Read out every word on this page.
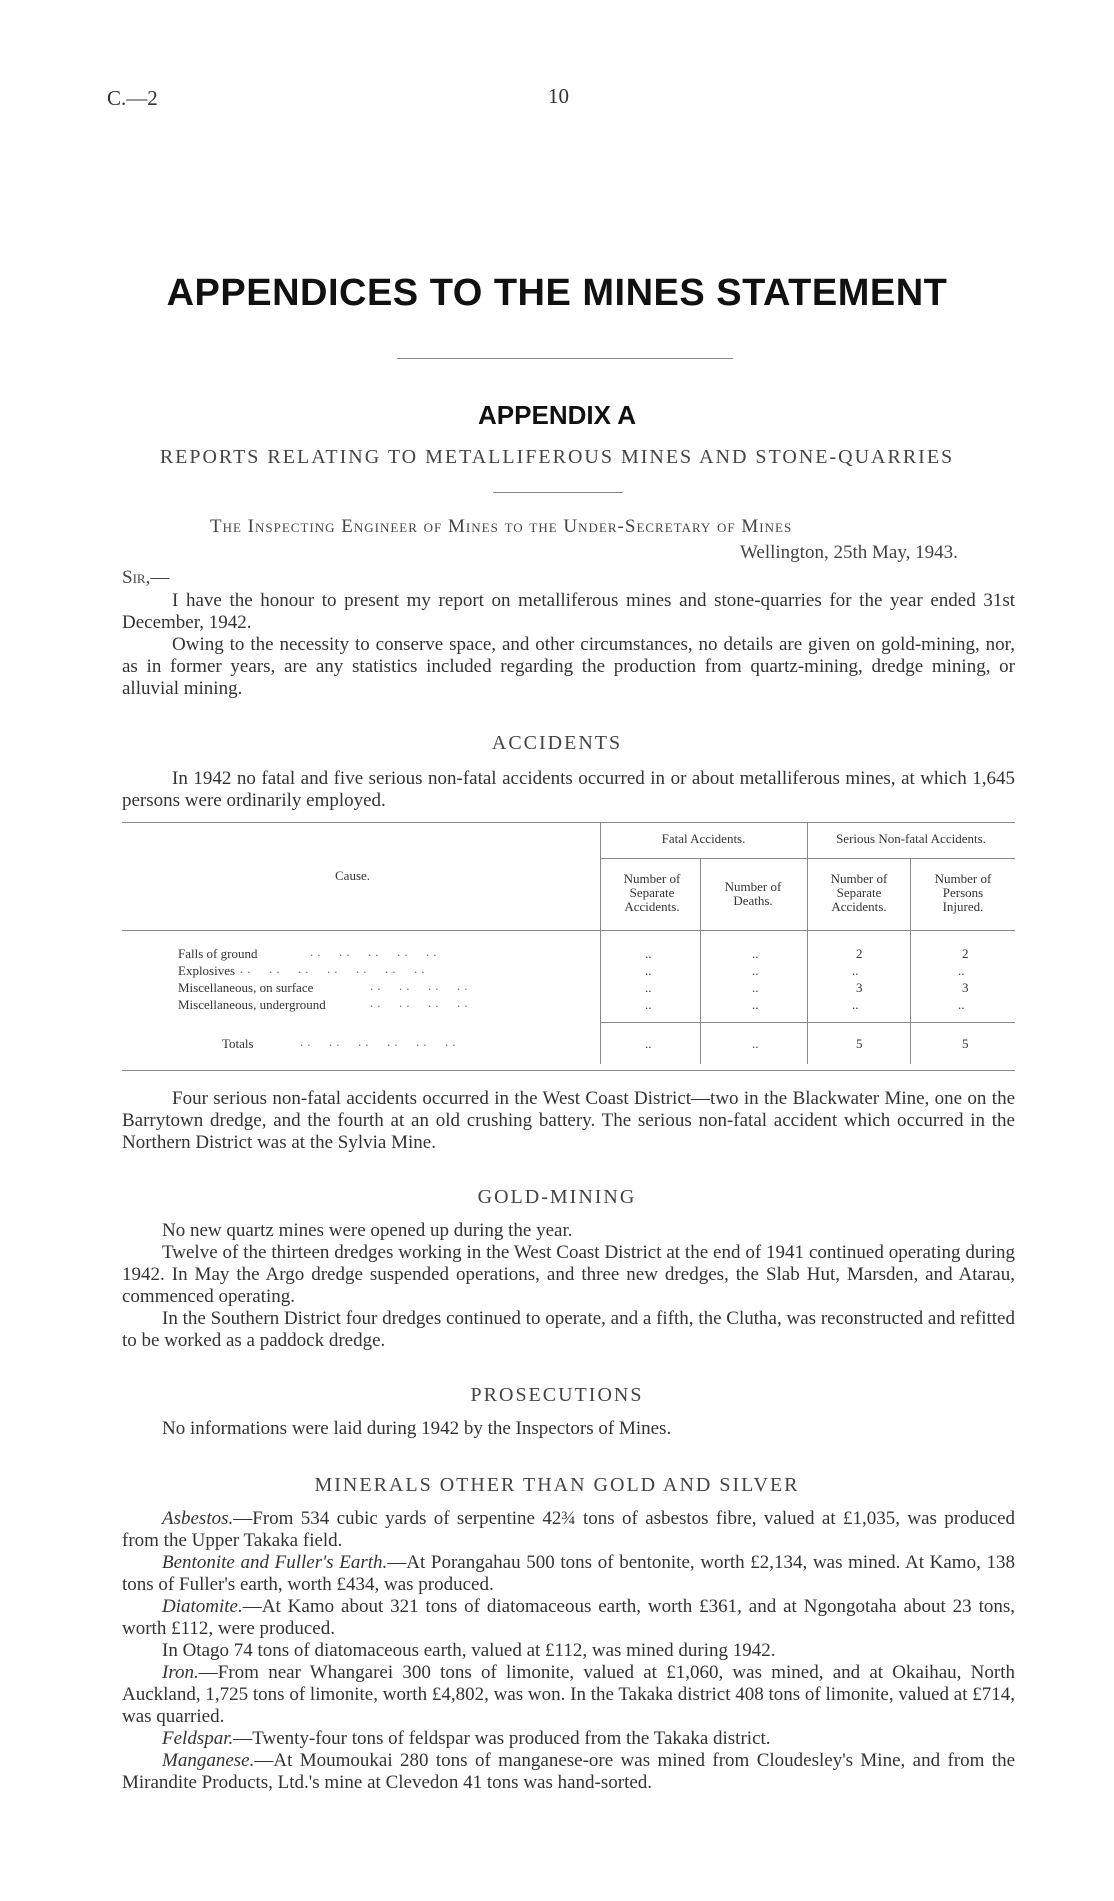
C.—2	10
APPENDICES TO THE MINES STATEMENT
APPENDIX A
REPORTS RELATING TO METALLIFEROUS MINES AND STONE-QUARRIES
The Inspecting Engineer of Mines to the Under-Secretary of Mines
Wellington, 25th May, 1943.
Sir,—
I have the honour to present my report on metalliferous mines and stone-quarries for the year ended 31st December, 1942.
Owing to the necessity to conserve space, and other circumstances, no details are given on gold-mining, nor, as in former years, are any statistics included regarding the production from quartz-mining, dredge mining, or alluvial mining.
ACCIDENTS
In 1942 no fatal and five serious non-fatal accidents occurred in or about metalliferous mines, at which 1,645 persons were ordinarily employed.
Cause.
Fatal Accidents.	Serious Non-fatal Accidents.
Number of Separate Accidents.
Number of Deaths.
Number of Separate Accidents.
Number of Persons Injured.
Falls of ground	..  ..  ..  ..  ..	..	..	2	2
Explosives ..  ..  ..  ..  ..  ..  ..	..	..	..	..
Miscellaneous, on surface	..  ..  ..  ..	..	..	3	3
Miscellaneous, underground	..  ..  ..  ..	..	..	..	..
Totals	..  ..  ..  ..  ..  ..	..	..	5	5
Four serious non-fatal accidents occurred in the West Coast District—two in the Blackwater Mine, one on the Barrytown dredge, and the fourth at an old crushing battery. The serious non-fatal accident which occurred in the Northern District was at the Sylvia Mine.
GOLD-MINING
No new quartz mines were opened up during the year.
Twelve of the thirteen dredges working in the West Coast District at the end of 1941 continued operating during 1942. In May the Argo dredge suspended operations, and three new dredges, the Slab Hut, Marsden, and Atarau, commenced operating.
In the Southern District four dredges continued to operate, and a fifth, the Clutha, was reconstructed and refitted to be worked as a paddock dredge.
PROSECUTIONS
No informations were laid during 1942 by the Inspectors of Mines.
MINERALS OTHER THAN GOLD AND SILVER
Asbestos.—From 534 cubic yards of serpentine 42¾ tons of asbestos fibre, valued at £1,035, was produced from the Upper Takaka field.
Bentonite and Fuller's Earth.—At Porangahau 500 tons of bentonite, worth £2,134, was mined. At Kamo, 138 tons of Fuller's earth, worth £434, was produced.
Diatomite.—At Kamo about 321 tons of diatomaceous earth, worth £361, and at Ngongotaha about 23 tons, worth £112, were produced.
In Otago 74 tons of diatomaceous earth, valued at £112, was mined during 1942.
Iron.—From near Whangarei 300 tons of limonite, valued at £1,060, was mined, and at Okaihau, North Auckland, 1,725 tons of limonite, worth £4,802, was won. In the Takaka district 408 tons of limonite, valued at £714, was quarried.
Feldspar.—Twenty-four tons of feldspar was produced from the Takaka district.
Manganese.—At Moumoukai 280 tons of manganese-ore was mined from Cloudesley's Mine, and from the Mirandite Products, Ltd.'s mine at Clevedon 41 tons was hand-sorted.
